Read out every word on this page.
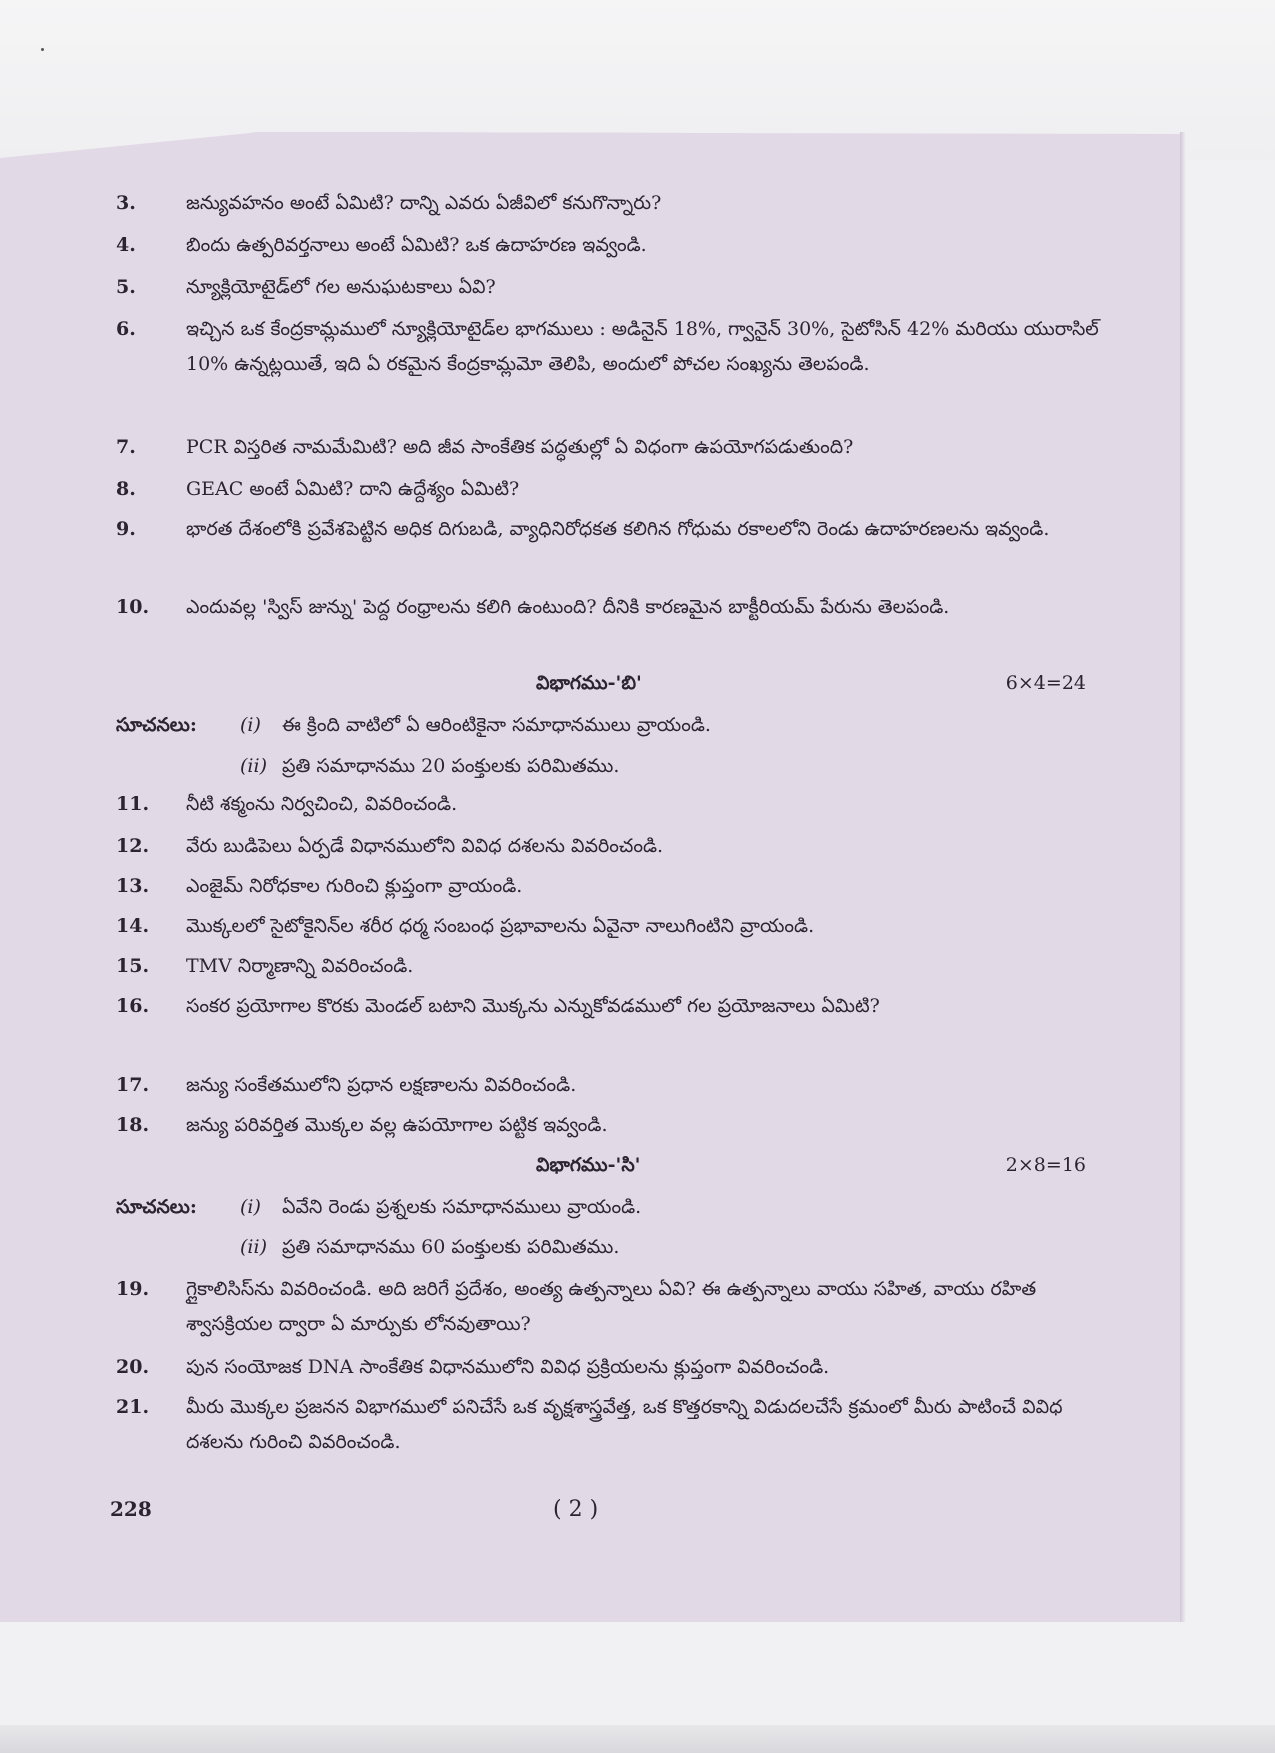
3.	జన్యువహనం అంటే ఏమిటి? దాన్ని ఎవరు ఏజీవిలో కనుగొన్నారు?
4.	బిందు ఉత్పరివర్తనాలు అంటే ఏమిటి? ఒక ఉదాహరణ ఇవ్వండి.
5.	న్యూక్లియోటైడ్‌లో గల అనుఘటకాలు ఏవి?
6.	ఇచ్చిన ఒక కేంద్రకామ్లములో న్యూక్లియోటైడ్‌ల భాగములు : అడినైన్ 18%, గ్వానైన్ 30%, సైటోసిన్ 42% మరియు యురాసిల్ 10% ఉన్నట్లయితే, ఇది ఏ రకమైన కేంద్రకామ్లమో తెలిపి, అందులో పోచల సంఖ్యను తెలపండి.
7.	PCR విస్తరిత నామమేమిటి? అది జీవ సాంకేతిక పద్ధతుల్లో ఏ విధంగా ఉపయోగపడుతుంది?
8.	GEAC అంటే ఏమిటి? దాని ఉద్దేశ్యం ఏమిటి?
9.	భారత దేశంలోకి ప్రవేశపెట్టిన అధిక దిగుబడి, వ్యాధినిరోధకత కలిగిన గోధుమ రకాలలోని రెండు ఉదాహరణలను ఇవ్వండి.
10.	ఎందువల్ల 'స్విస్ జున్ను' పెద్ద రంధ్రాలను కలిగి ఉంటుంది? దీనికి కారణమైన బాక్టీరియమ్ పేరును తెలపండి.
విభాగము-'బి'	6×4=24
సూచనలు: (i) ఈ క్రింది వాటిలో ఏ ఆరింటికైనా సమాధానములు వ్రాయండి.
(ii) ప్రతి సమాధానము 20 పంక్తులకు పరిమితము.
11.	నీటి శక్మంను నిర్వచించి, వివరించండి.
12.	వేరు బుడిపెలు ఏర్పడే విధానములోని వివిధ దశలను వివరించండి.
13.	ఎంజైమ్ నిరోధకాల గురించి క్లుప్తంగా వ్రాయండి.
14.	మొక్కలలో సైటోకైనిన్‌ల శరీర ధర్మ సంబంధ ప్రభావాలను ఏవైనా నాలుగింటిని వ్రాయండి.
15.	TMV నిర్మాణాన్ని వివరించండి.
16.	సంకర ప్రయోగాల కొరకు మెండల్ బటాని మొక్కను ఎన్నుకోవడములో గల ప్రయోజనాలు ఏమిటి?
17.	జన్యు సంకేతములోని ప్రధాన లక్షణాలను వివరించండి.
18.	జన్యు పరివర్తిత మొక్కల వల్ల ఉపయోగాల పట్టిక ఇవ్వండి.
విభాగము-'సి'	2×8=16
సూచనలు: (i) ఏవేని రెండు ప్రశ్నలకు సమాధానములు వ్రాయండి.
(ii) ప్రతి సమాధానము 60 పంక్తులకు పరిమితము.
19.	గ్లైకాలిసిస్‌ను వివరించండి. అది జరిగే ప్రదేశం, అంత్య ఉత్పన్నాలు ఏవి? ఈ ఉత్పన్నాలు వాయు సహిత, వాయు రహిత శ్వాసక్రియల ద్వారా ఏ మార్పుకు లోనవుతాయి?
20.	పున సంయోజక DNA సాంకేతిక విధానములోని వివిధ ప్రక్రియలను క్లుప్తంగా వివరించండి.
21.	మీరు మొక్కల ప్రజనన విభాగములో పనిచేసే ఒక వృక్షశాస్త్రవేత్త, ఒక కొత్తరకాన్ని విడుదలచేసే క్రమంలో మీరు పాటించే వివిధ దశలను గురించి వివరించండి.
228	( 2 )
